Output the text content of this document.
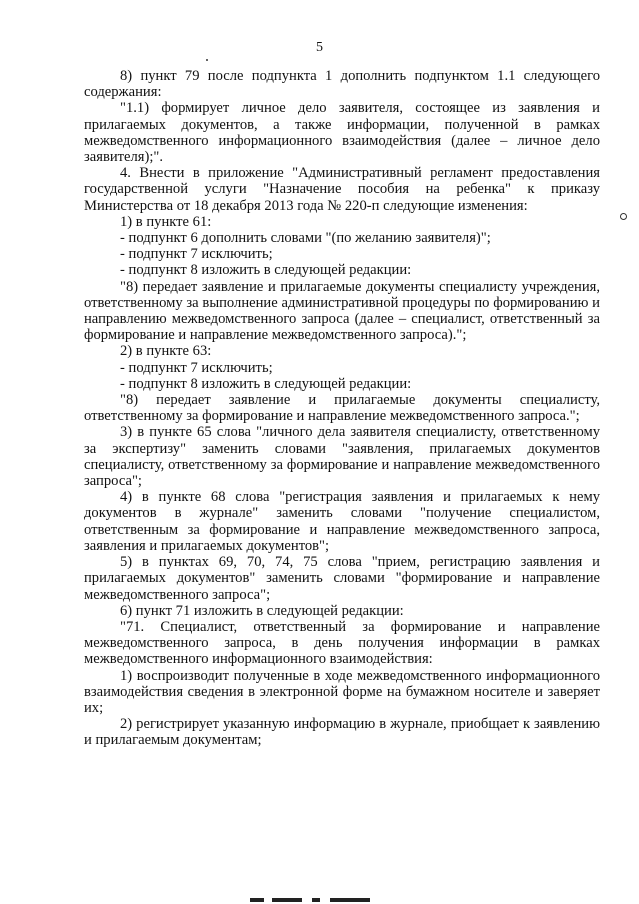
5

8) пункт 79 после подпункта 1 дополнить подпунктом 1.1 следующего содержания:

"1.1) формирует личное дело заявителя, состоящее из заявления и прилагаемых документов, а также информации, полученной в рамках межведомственного информационного взаимодействия (далее – личное дело заявителя);".

4. Внести в приложение "Административный регламент предоставления государственной услуги "Назначение пособия на ребенка" к приказу Министерства от 18 декабря 2013 года № 220-п следующие изменения:

1) в пункте 61:

- подпункт 6 дополнить словами "(по желанию заявителя)";

- подпункт 7 исключить;

- подпункт 8 изложить в следующей редакции:

"8) передает заявление и прилагаемые документы специалисту учреждения, ответственному за выполнение административной процедуры по формированию и направлению межведомственного запроса (далее – специалист, ответственный за формирование и направление межведомственного запроса).";

2) в пункте 63:

- подпункт 7 исключить;

- подпункт 8 изложить в следующей редакции:

"8) передает заявление и прилагаемые документы специалисту, ответственному за формирование и направление межведомственного запроса.";

3) в пункте 65 слова "личного дела заявителя специалисту, ответственному за экспертизу" заменить словами "заявления, прилагаемых документов специалисту, ответственному за формирование и направление межведомственного запроса";

4) в пункте 68 слова "регистрация заявления и прилагаемых к нему документов в журнале" заменить словами "получение специалистом, ответственным за формирование и направление межведомственного запроса, заявления и прилагаемых документов";

5) в пунктах 69, 70, 74, 75 слова "прием, регистрацию заявления и прилагаемых документов" заменить словами "формирование и направление межведомственного запроса";

6) пункт 71 изложить в следующей редакции:

"71. Специалист, ответственный за формирование и направление межведомственного запроса, в день получения информации в рамках межведомственного информационного взаимодействия:

1) воспроизводит полученные в ходе межведомственного информационного взаимодействия сведения в электронной форме на бумажном носителе и заверяет их;

2) регистрирует указанную информацию в журнале, приобщает к заявлению и прилагаемым документам;
